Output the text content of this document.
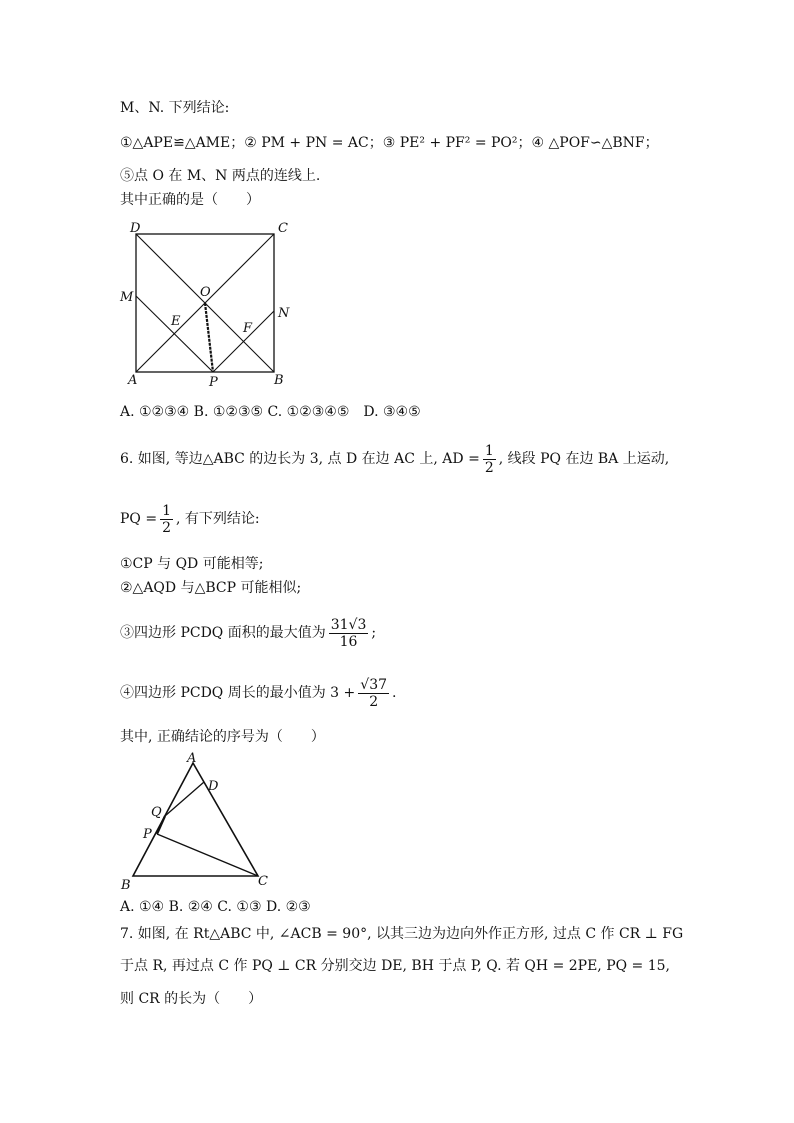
M、N. 下列结论:
①△APE≌△AME；② PM + PN = AC；③ PE² + PF² = PO²；④ △POF∽△BNF；
⑤点 O 在 M、N 两点的连线上.
其中正确的是（　　）
D	C
M	O
E	F
N
A	P	B
A. ①②③④ B. ①②③⑤ C. ①②③④⑤　D. ③④⑤
6. 如图, 等边△ABC 的边长为 3, 点 D 在边 AC 上, AD = $\frac{1}{2}$ , 线段 PQ 在边 BA 上运动,
PQ = $\frac{1}{2}$ , 有下列结论:
①CP 与 QD 可能相等;
②△AQD 与△BCP 可能相似;
③四边形 PCDQ 面积的最大值为 $\frac{31√3}{16}$ ;
④四边形 PCDQ 周长的最小值为 $3 + \frac{√37}{2}$ .
其中, 正确结论的序号为（　　）
A
D
Q
P
B	C
A. ①④ B. ②④ C. ①③ D. ②③
7. 如图, 在 Rt△ABC 中, ∠ACB = 90°, 以其三边为边向外作正方形, 过点 C 作 CR ⊥ FG
于点 R, 再过点 C 作 PQ ⊥ CR 分别交边 DE, BH 于点 P, Q. 若 QH = 2PE, PQ = 15,
则 CR 的长为（　　）
